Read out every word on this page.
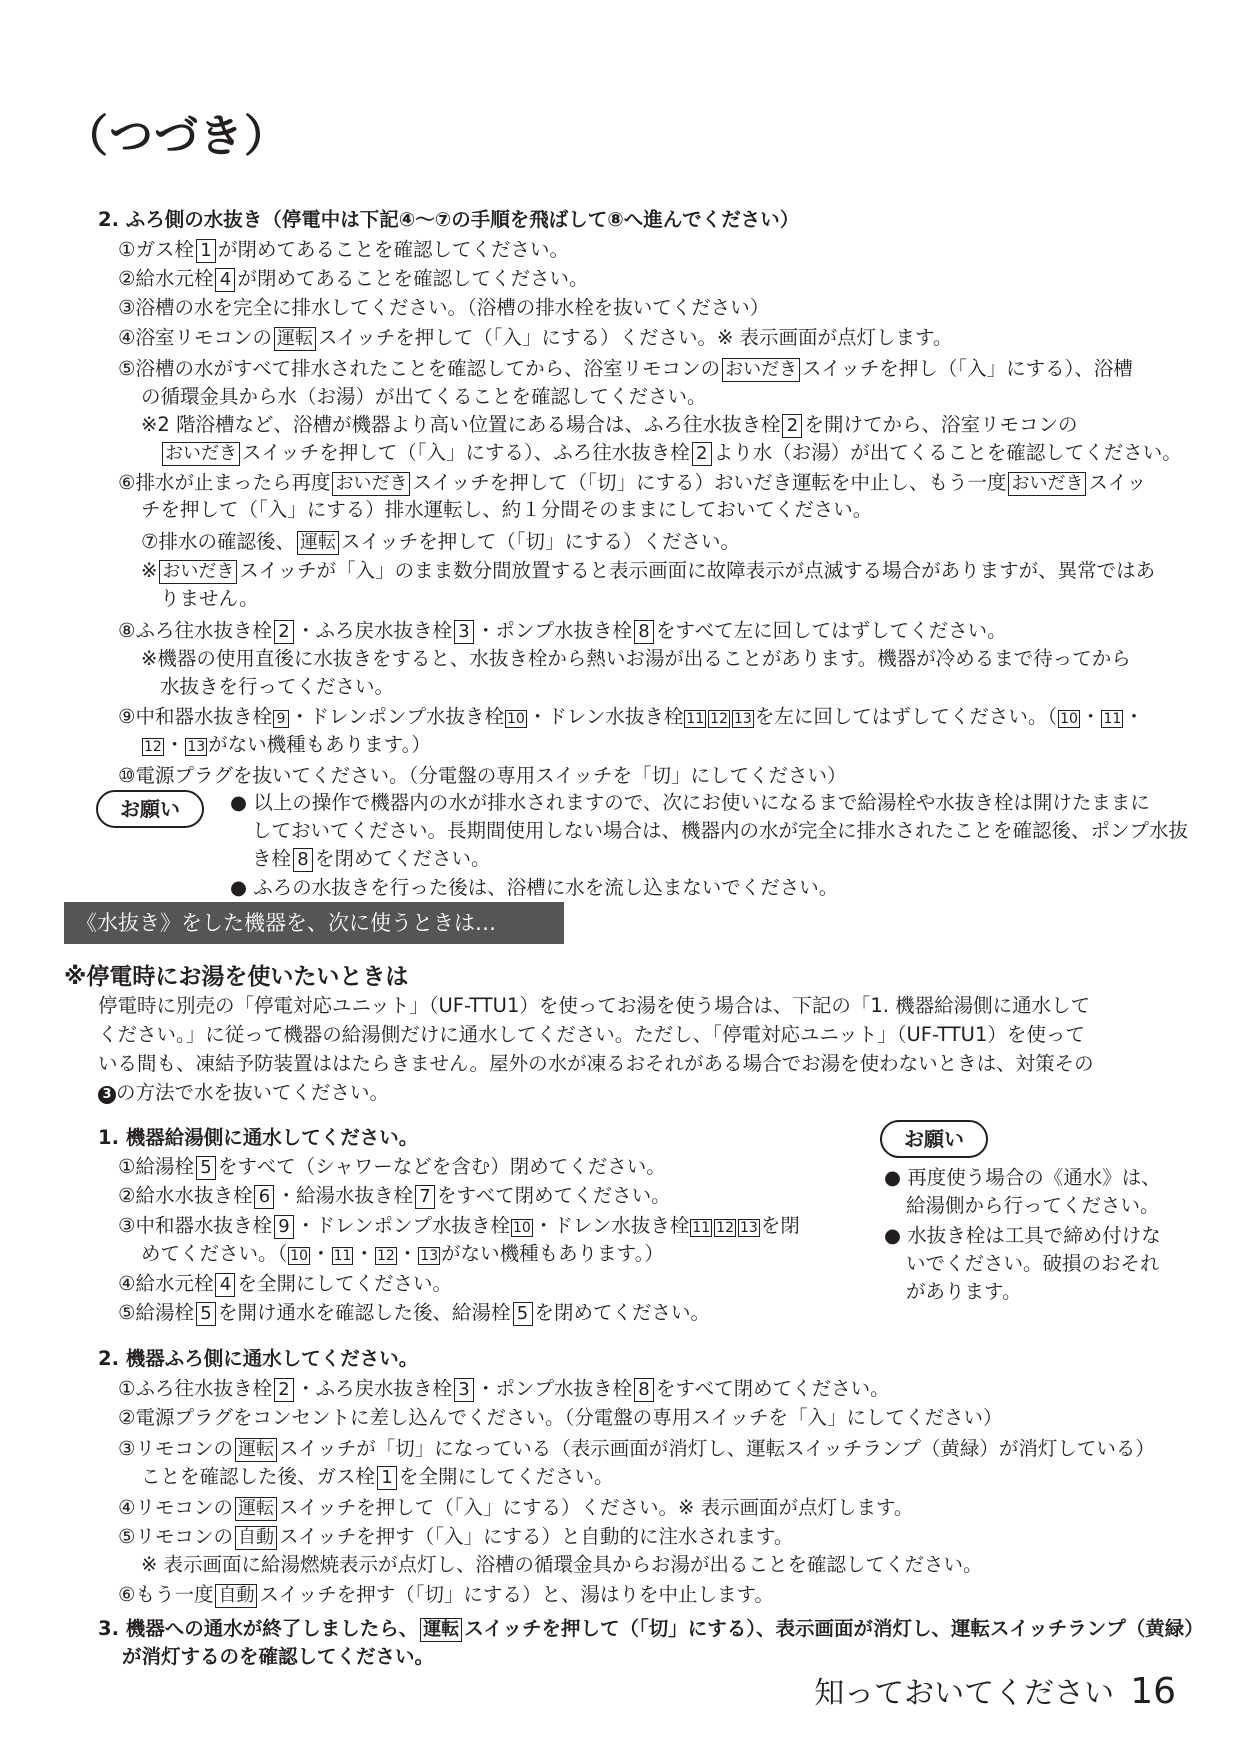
（つづき）
2. ふろ側の水抜き（停電中は下記④～⑦の手順を飛ばして⑧へ進んでください）
①ガス栓 1 が閉めてあることを確認してください。
②給水元栓 4 が閉めてあることを確認してください。
③浴槽の水を完全に排水してください。（浴槽の排水栓を抜いてください）
④浴室リモコンの 運転 スイッチを押して（「入」にする）ください。※ 表示画面が点灯します。
⑤浴槽の水がすべて排水されたことを確認してから、浴室リモコンの おいだき スイッチを押し（「入」にする）、浴槽
の循環金具から水（お湯）が出てくることを確認してください。
※2 階浴槽など、浴槽が機器より高い位置にある場合は、ふろ往水抜き栓 2 を開けてから、浴室リモコンの
おいだき スイッチを押して（「入」にする）、ふろ往水抜き栓 2 より水（お湯）が出てくることを確認してください。
⑥排水が止まったら再度 おいだき スイッチを押して（「切」にする）おいだき運転を中止し、もう一度 おいだき スイッ
チを押して（「入」にする）排水運転し、約１分間そのままにしておいてください。
⑦排水の確認後、 運転 スイッチを押して（「切」にする）ください。
※ おいだき スイッチが「入」のまま数分間放置すると表示画面に故障表示が点滅する場合がありますが、異常ではあ
りません。
⑧ふろ往水抜き栓 2 ・ふろ戻水抜き栓 3 ・ポンプ水抜き栓 8 をすべて左に回してはずしてください。
※機器の使用直後に水抜きをすると、水抜き栓から熱いお湯が出ることがあります。機器が冷めるまで待ってから
水抜きを行ってください。
⑨中和器水抜き栓 9 ・ドレンポンプ水抜き栓 10 ・ドレン水抜き栓 11 12 13 を左に回してはずしてください。（ 10 ・ 11 ・
12 ・ 13 がない機種もあります。）
⑩電源プラグを抜いてください。（分電盤の専用スイッチを「切」にしてください）
お願い	● 以上の操作で機器内の水が排水されますので、次にお使いになるまで給湯栓や水抜き栓は開けたままに
しておいてください。長期間使用しない場合は、機器内の水が完全に排水されたことを確認後、ポンプ水抜
き栓 8 を閉めてください。
● ふろの水抜きを行った後は、浴槽に水を流し込まないでください。
《水抜き》をした機器を、次に使うときは…
※停電時にお湯を使いたいときは
停電時に別売の「停電対応ユニット」（UF-TTU1）を使ってお湯を使う場合は、下記の「1. 機器給湯側に通水して
ください。」に従って機器の給湯側だけに通水してください。ただし、「停電対応ユニット」（UF-TTU1）を使って
いる間も、凍結予防装置ははたらきません。屋外の水が凍るおそれがある場合でお湯を使わないときは、対策その
3 の方法で水を抜いてください。
1. 機器給湯側に通水してください。
①給湯栓 5 をすべて（シャワーなどを含む）閉めてください。
②給水水抜き栓 6 ・給湯水抜き栓 7 をすべて閉めてください。
③中和器水抜き栓 9 ・ドレンポンプ水抜き栓 10 ・ドレン水抜き栓 11 12 13 を閉
めてください。（ 10 ・ 11 ・ 12 ・ 13 がない機種もあります。）
④給水元栓 4 を全開にしてください。
⑤給湯栓 5 を開け通水を確認した後、給湯栓 5 を閉めてください。
お願い
● 再度使う場合の《通水》は、
給湯側から行ってください。
● 水抜き栓は工具で締め付けな
いでください。破損のおそれ
があります。
2. 機器ふろ側に通水してください。
①ふろ往水抜き栓 2 ・ふろ戻水抜き栓 3 ・ポンプ水抜き栓 8 をすべて閉めてください。
②電源プラグをコンセントに差し込んでください。（分電盤の専用スイッチを「入」にしてください）
③リモコンの 運転 スイッチが「切」になっている（表示画面が消灯し、運転スイッチランプ（黄緑）が消灯している）
ことを確認した後、ガス栓 1 を全開にしてください。
④リモコンの 運転 スイッチを押して（「入」にする）ください。※ 表示画面が点灯します。
⑤リモコンの 自動 スイッチを押す（「入」にする）と自動的に注水されます。
※ 表示画面に給湯燃焼表示が点灯し、浴槽の循環金具からお湯が出ることを確認してください。
⑥もう一度 自動 スイッチを押す（「切」にする）と、湯はりを中止します。
3. 機器への通水が終了しましたら、 運転 スイッチを押して（「切」にする）、表示画面が消灯し、運転スイッチランプ（黄緑）
が消灯するのを確認してください。
知っておいてください 16
